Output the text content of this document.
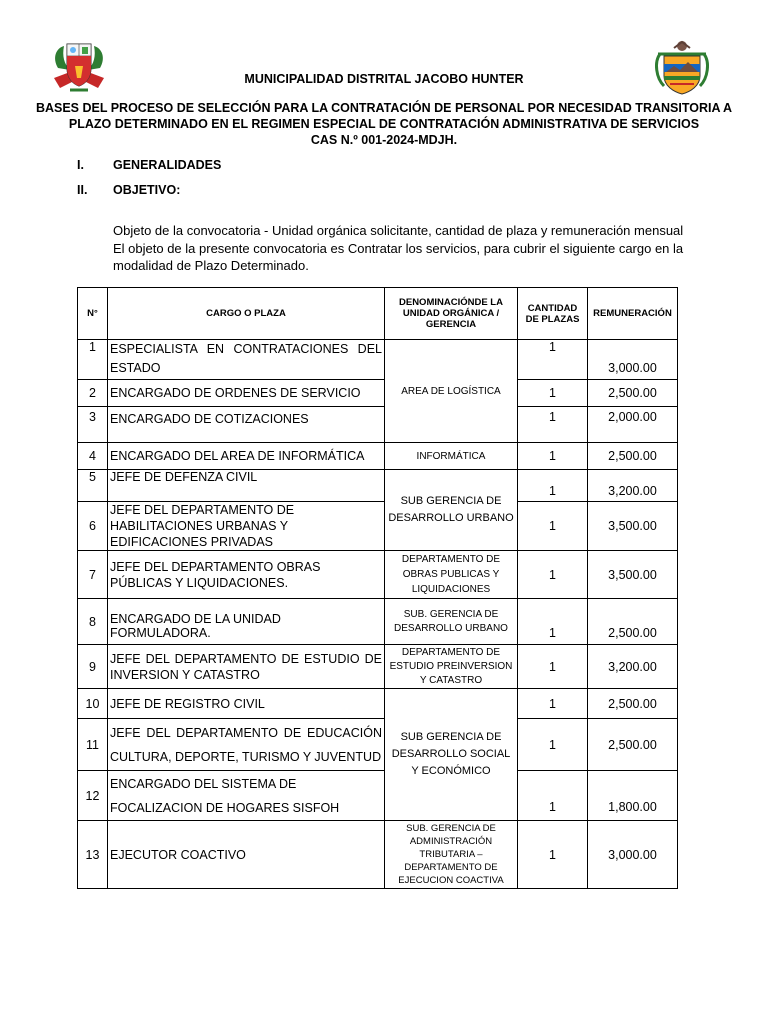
MUNICIPALIDAD DISTRITAL JACOBO HUNTER
BASES DEL PROCESO DE SELECCIÓN PARA LA CONTRATACIÓN DE PERSONAL POR NECESIDAD TRANSITORIA A
PLAZO DETERMINADO EN EL REGIMEN ESPECIAL DE CONTRATACIÓN ADMINISTRATIVA DE SERVICIOS
CAS N.º 001-2024-MDJH.
I. GENERALIDADES
II. OBJETIVO:
Objeto de la convocatoria - Unidad orgánica solicitante, cantidad de plaza y remuneración mensual
El objeto de la presente convocatoria es Contratar los servicios, para cubrir el siguiente cargo en la
modalidad de Plazo Determinado.
N°	CARGO O PLAZA	DENOMINACIÓNDE LA UNIDAD ORGÁNICA / GERENCIA	CANTIDAD DE PLAZAS	REMUNERACIÓN
1	ESPECIALISTA EN CONTRATACIONES DEL ESTADO	AREA DE LOGÍSTICA	1	3,000.00
2	ENCARGADO DE ORDENES DE SERVICIO		1	2,500.00
3	ENCARGADO DE COTIZACIONES		1	2,000.00
4	ENCARGADO DEL AREA DE INFORMÁTICA	INFORMÁTICA	1	2,500.00
5	JEFE DE DEFENZA CIVIL	SUB GERENCIA DE DESARROLLO URBANO	1	3,200.00
6	JEFE DEL DEPARTAMENTO DE HABILITACIONES URBANAS Y EDIFICACIONES PRIVADAS		1	3,500.00
7	JEFE DEL DEPARTAMENTO OBRAS PÚBLICAS Y LIQUIDACIONES.	DEPARTAMENTO DE OBRAS PUBLICAS Y LIQUIDACIONES	1	3,500.00
8	ENCARGADO DE LA UNIDAD FORMULADORA.	SUB. GERENCIA DE DESARROLLO URBANO	1	2,500.00
9	JEFE DEL DEPARTAMENTO DE ESTUDIO DE INVERSION Y CATASTRO	DEPARTAMENTO DE ESTUDIO PREINVERSION Y CATASTRO	1	3,200.00
10	JEFE DE REGISTRO CIVIL	SUB GERENCIA DE DESARROLLO SOCIAL Y ECONÓMICO	1	2,500.00
11	JEFE DEL DEPARTAMENTO DE EDUCACIÓN CULTURA, DEPORTE, TURISMO Y JUVENTUD		1	2,500.00
12	ENCARGADO DEL SISTEMA DE FOCALIZACION DE HOGARES SISFOH		1	1,800.00
13	EJECUTOR COACTIVO	SUB. GERENCIA DE ADMINISTRACIÓN TRIBUTARIA – DEPARTAMENTO DE EJECUCION COACTIVA	1	3,000.00
